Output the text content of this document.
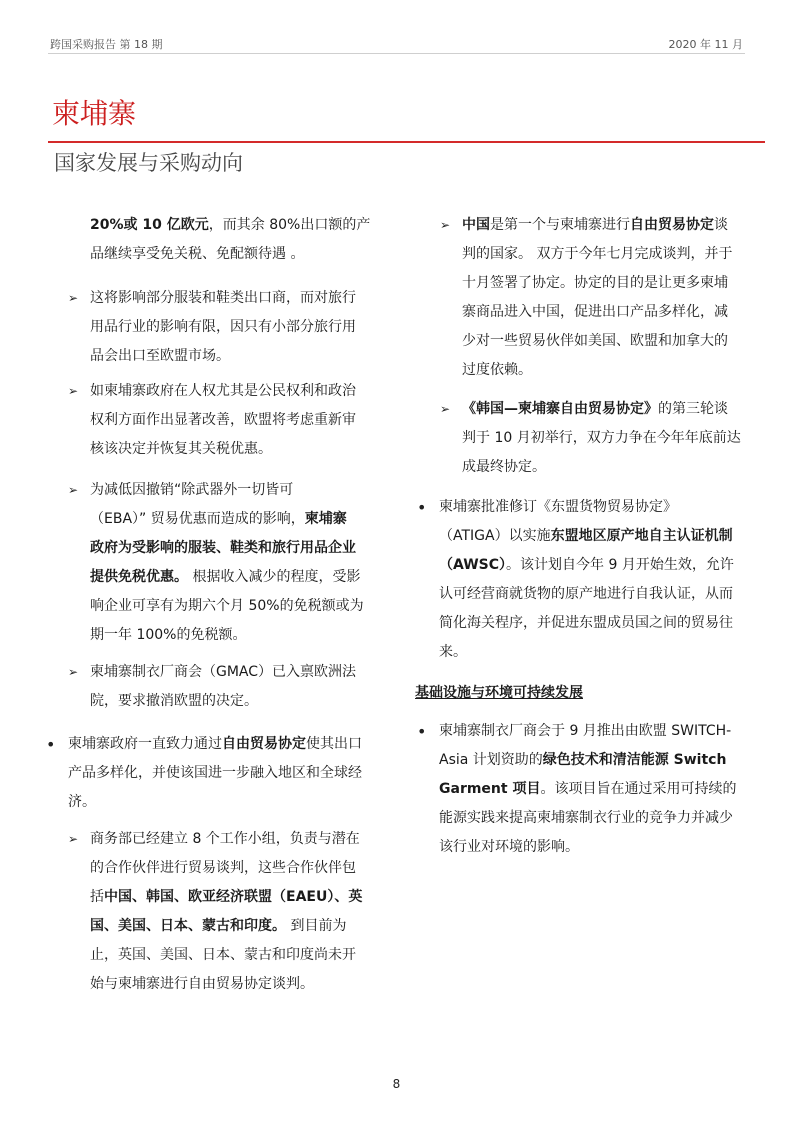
跨国采购报告 第 18 期	2020 年 11 月
柬埔寨
国家发展与采购动向

20%或 10 亿欧元，而其余 80%出口额的产

品继续享受免关税、免配额待遇 。

➢ 这将影响部分服装和鞋类出口商，而对旅行

用品行业的影响有限，因只有小部分旅行用

品会出口至欧盟市场。

➢ 如柬埔寨政府在人权尤其是公民权利和政治

权利方面作出显著改善，欧盟将考虑重新审

核该决定并恢复其关税优惠。

➢ 为减低因撤销“除武器外一切皆可

（EBA）” 贸易优惠而造成的影响，柬埔寨

政府为受影响的服装、鞋类和旅行用品企业

提供免税优惠。 根据收入减少的程度，受影

响企业可享有为期六个月 50%的免税额或为

期一年 100%的免税额。

➢ 柬埔寨制衣厂商会（GMAC）已入禀欧洲法

院，要求撤消欧盟的决定。

• 柬埔寨政府一直致力通过自由贸易协定使其出口

产品多样化，并使该国进一步融入地区和全球经

济。

➢ 商务部已经建立 8 个工作小组，负责与潜在

的合作伙伴进行贸易谈判，这些合作伙伴包

括中国、韩国、欧亚经济联盟（EAEU）、英

国、美国、日本、蒙古和印度。 到目前为

止，英国、美国、日本、蒙古和印度尚未开

始与柬埔寨进行自由贸易协定谈判。

➢ 中国是第一个与柬埔寨进行自由贸易协定谈

判的国家。 双方于今年七月完成谈判，并于

十月签署了协定。协定的目的是让更多柬埔

寨商品进入中国，促进出口产品多样化，减

少对一些贸易伙伴如美国、欧盟和加拿大的

过度依赖。

➢ 《韩国—柬埔寨自由贸易协定》的第三轮谈

判于 10 月初举行，双方力争在今年年底前达

成最终协定。

• 柬埔寨批准修订《东盟货物贸易协定》

（ATIGA）以实施东盟地区原产地自主认证机制

（AWSC）。该计划自今年 9 月开始生效，允许

认可经营商就货物的原产地进行自我认证，从而

简化海关程序，并促进东盟成员国之间的贸易往

来。

基础设施与环境可持续发展

• 柬埔寨制衣厂商会于 9 月推出由欧盟 SWITCH-

Asia 计划资助的绿色技术和清洁能源 Switch

Garment 项目。该项目旨在通过采用可持续的

能源实践来提高柬埔寨制衣行业的竞争力并减少

该行业对环境的影响。

8
